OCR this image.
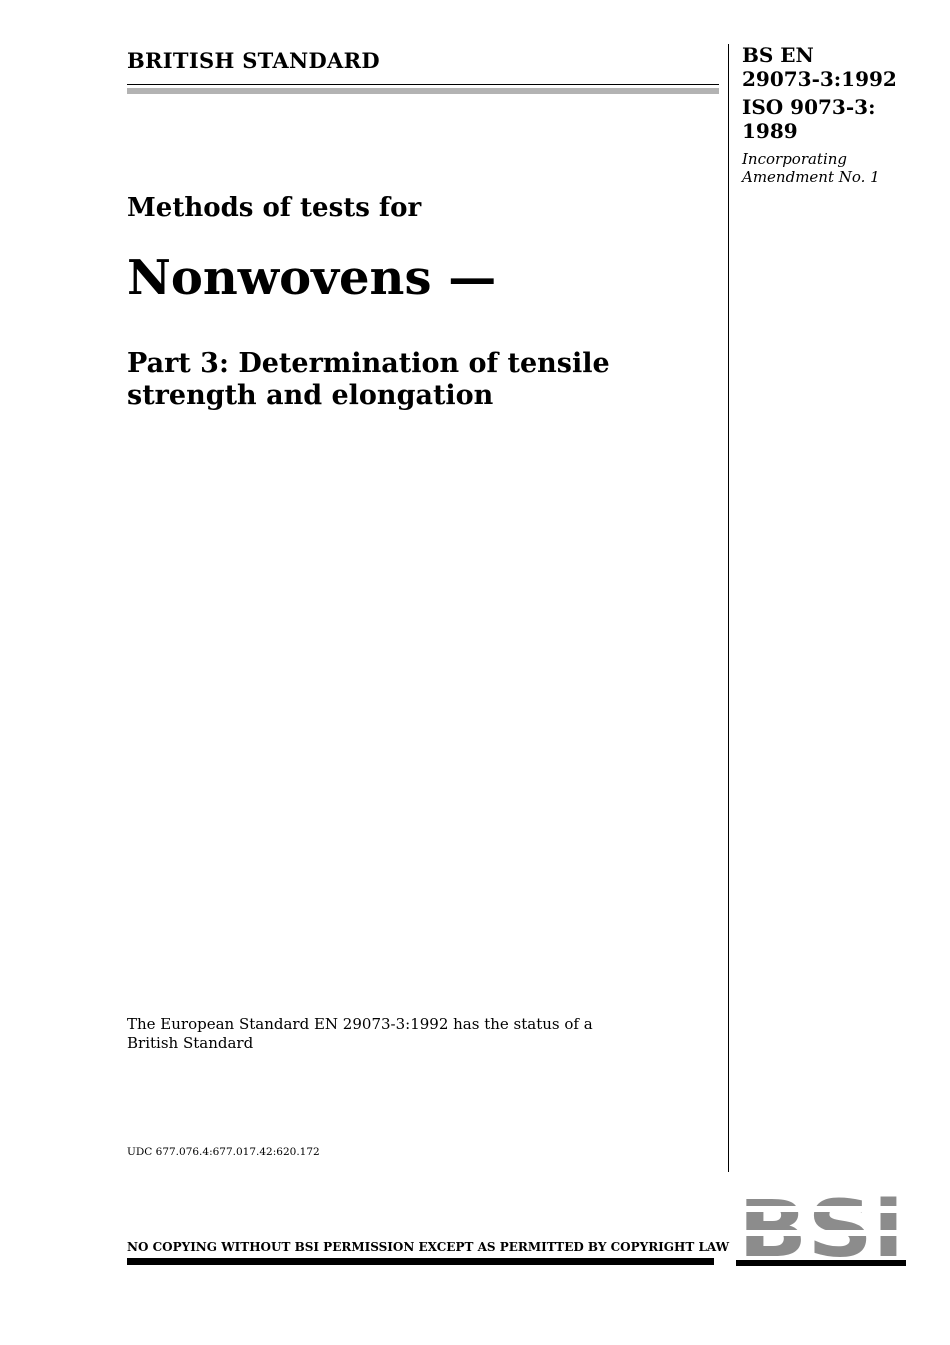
BRITISH STANDARD	BS EN
29073-3:1992
ISO 9073-3:
1989
Incorporating
Amendment No. 1
Methods of tests for
Nonwovens —
Part 3: Determination of tensile
strength and elongation
The European Standard EN 29073-3:1992 has the status of a
British Standard
UDC 677.076.4:677.017.42:620.172
NO COPYING WITHOUT BSI PERMISSION EXCEPT AS PERMITTED BY COPYRIGHT LAW
